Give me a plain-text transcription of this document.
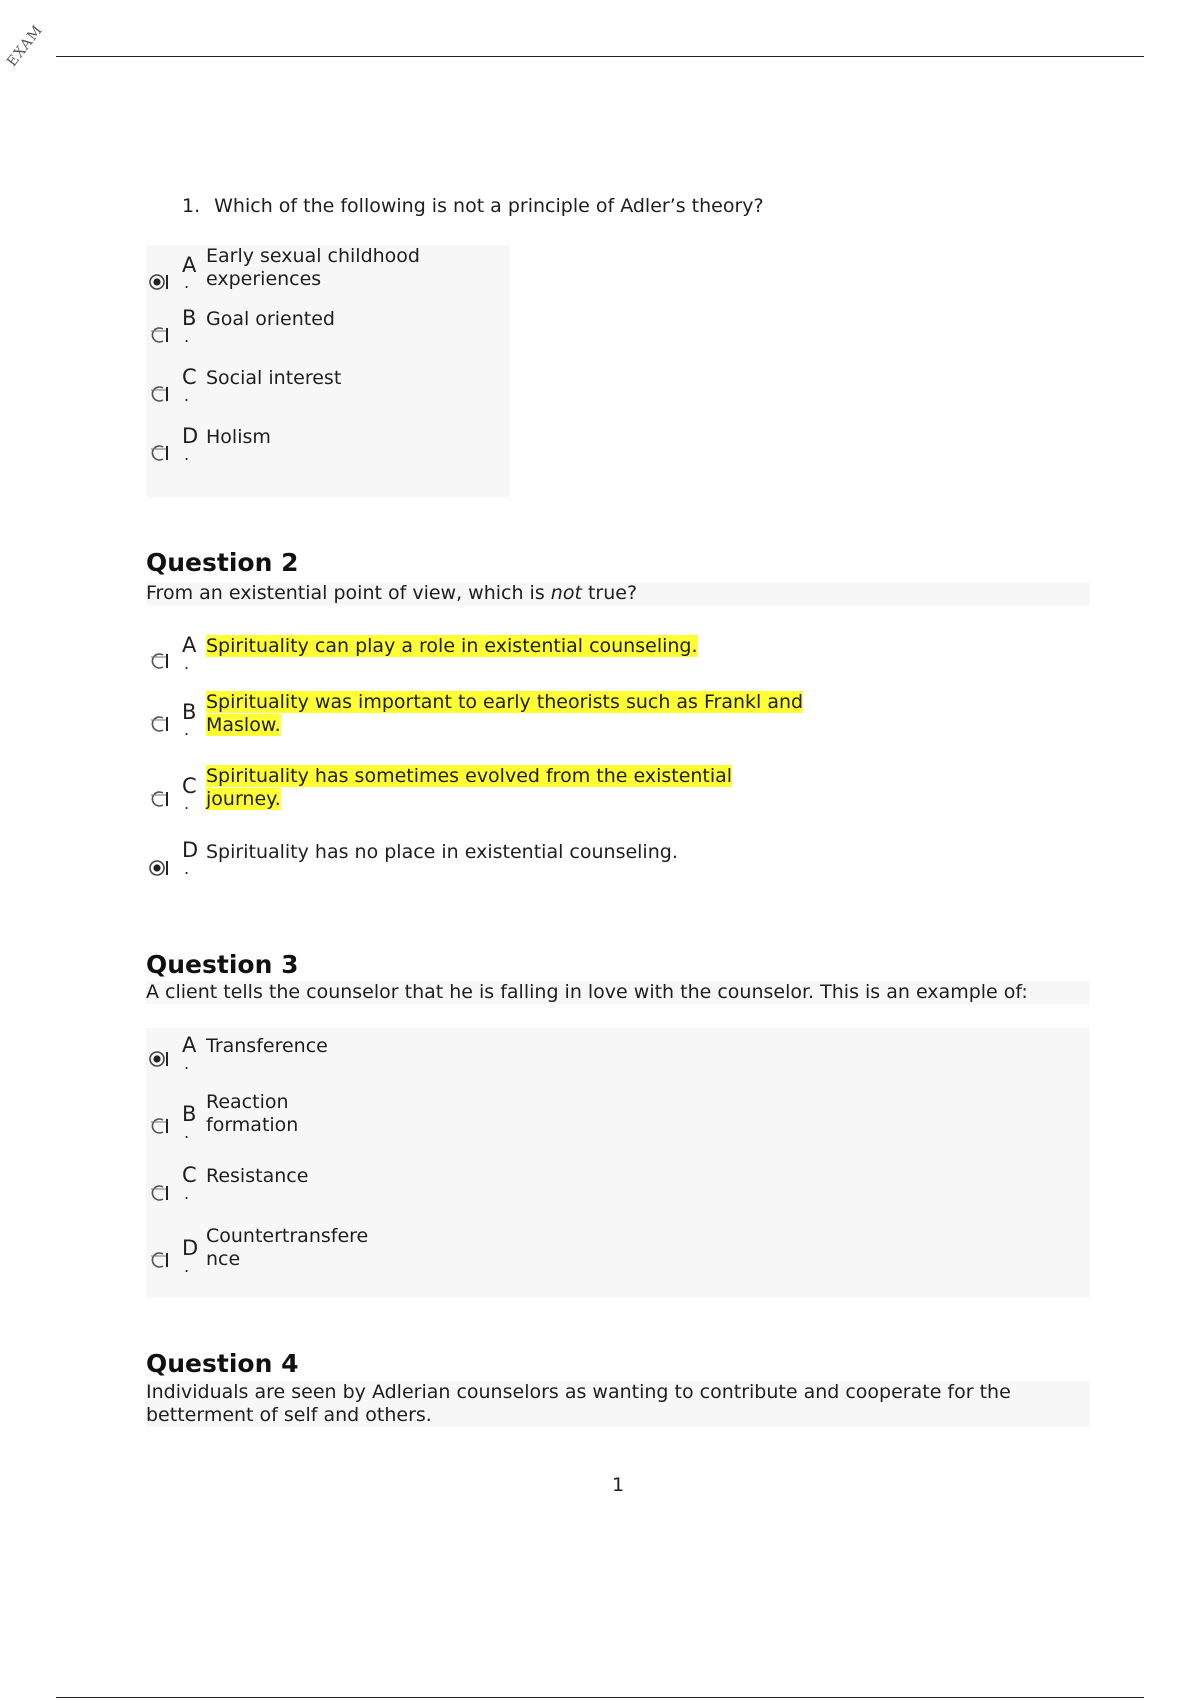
EXAM
1. Which of the following is not a principle of Adler’s theory?
A
.
Early sexual childhood experiences
B
.
Goal oriented
C
.
Social interest
D
.
Holism
Question 2
From an existential point of view, which is not true?
A
.
Spirituality can play a role in existential counseling.
B
.
Spirituality was important to early theorists such as Frankl and Maslow.
C
.
Spirituality has sometimes evolved from the existential journey.
D
.
Spirituality has no place in existential counseling.
Question 3
A client tells the counselor that he is falling in love with the counselor. This is an example of:
A
.
Transference
B
.
Reaction formation
C
.
Resistance
D
.
Countertransfere nce
Question 4
Individuals are seen by Adlerian counselors as wanting to contribute and cooperate for the betterment of self and others.
1
